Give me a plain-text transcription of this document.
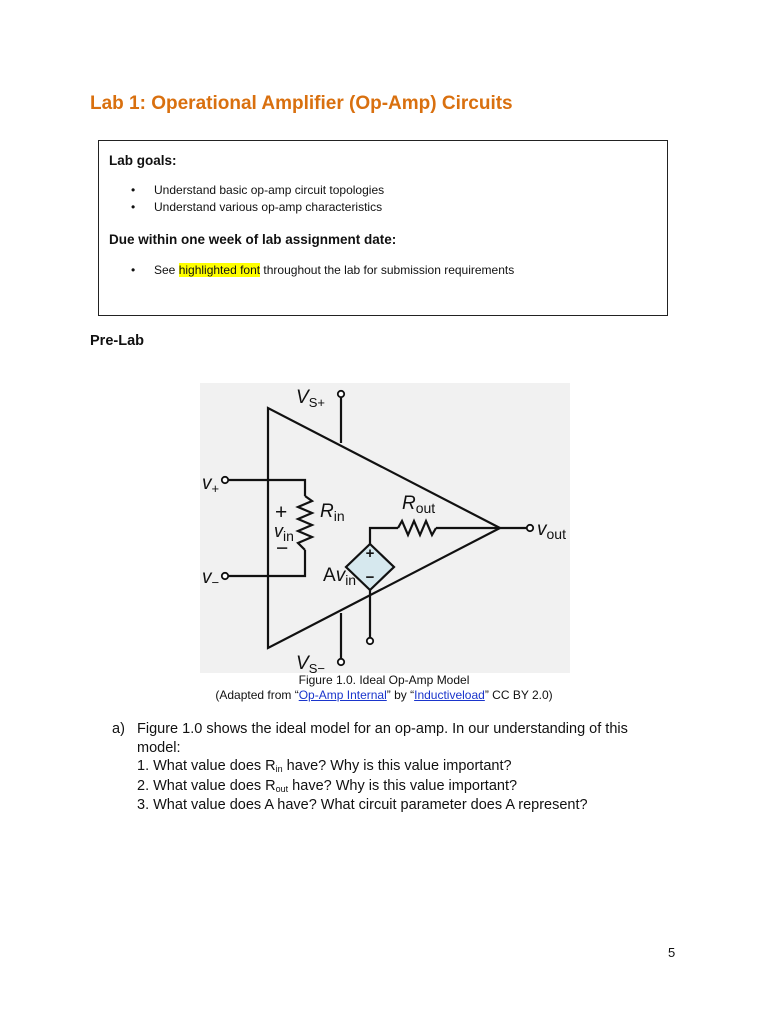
Lab 1: Operational Amplifier (Op-Amp) Circuits
Lab goals:
• Understand basic op-amp circuit topologies
• Understand various op-amp characteristics
Due within one week of lab assignment date:
• See highlighted font throughout the lab for submission requirements
Pre-Lab
+
−
$V_{S+}$
$V_{S-}$
$v_+$
$v_-$
+
$v_{in}$
−
$R_{in}$
$R_{out}$
$Av_{in}$
$v_{out}$
Figure 1.0. Ideal Op-Amp Model
(Adapted from “Op-Amp Internal” by “Inductiveload” CC BY 2.0)
a) Figure 1.0 shows the ideal model for an op-amp. In our understanding of this model:
1. What value does $R_{in}$ have? Why is this value important?
2. What value does $R_{out}$ have? Why is this value important?
3. What value does A have? What circuit parameter does A represent?
5
